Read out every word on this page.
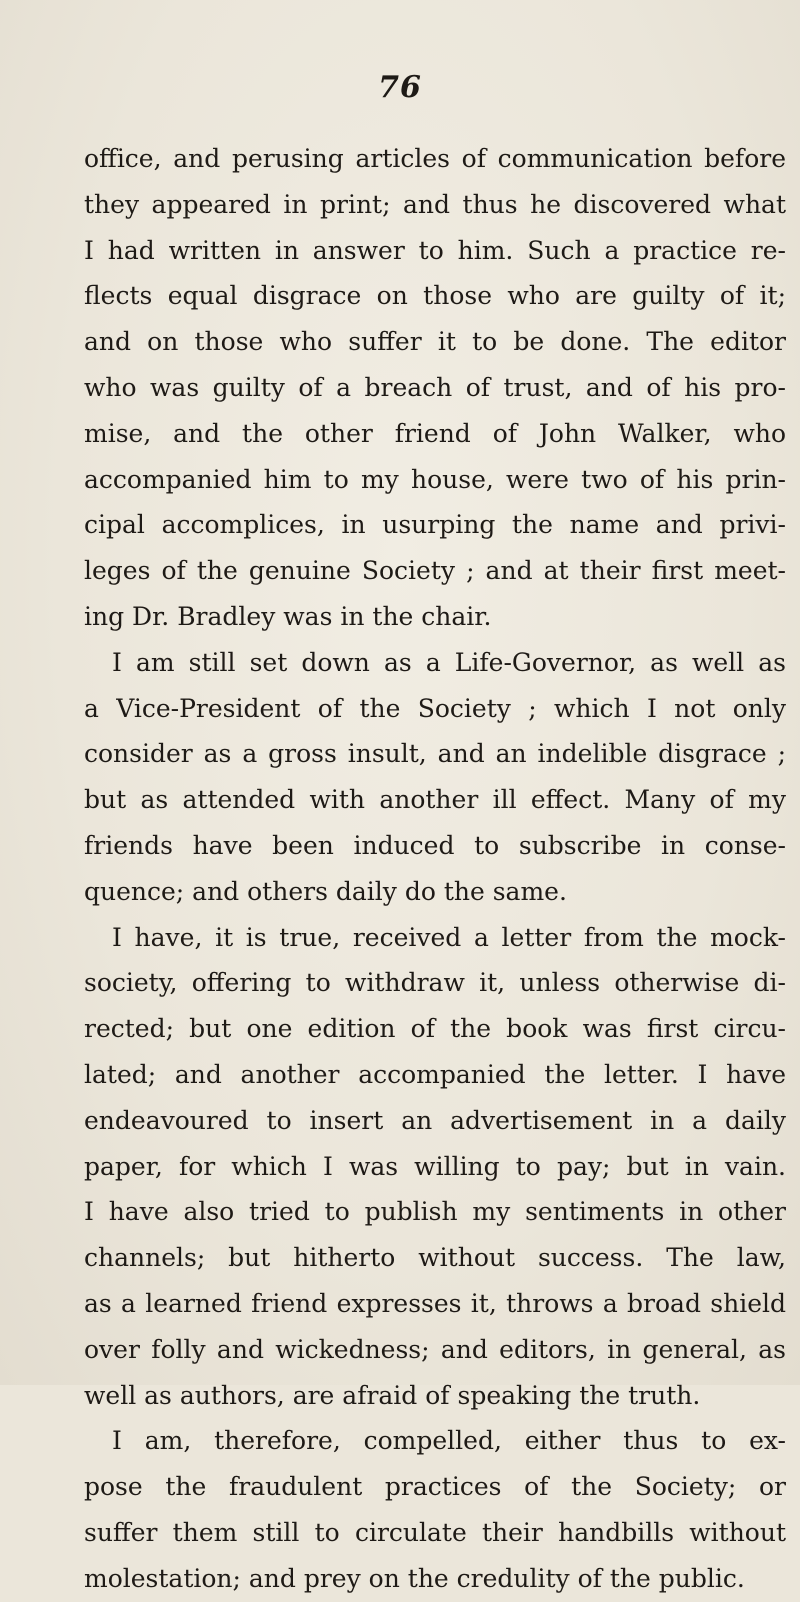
76
office, and perusing articles of communication before
they appeared in print; and thus he discovered what
I had written in answer to him. Such a practice re-
flects equal disgrace on those who are guilty of it;
and on those who suffer it to be done. The editor
who was guilty of a breach of trust, and of his pro-
mise, and the other friend of John Walker, who
accompanied him to my house, were two of his prin-
cipal accomplices, in usurping the name and privi-
leges of the genuine Society ; and at their first meet-
ing Dr. Bradley was in the chair.
I am still set down as a Life-Governor, as well as
a Vice-President of the Society ; which I not only
consider as a gross insult, and an indelible disgrace ;
but as attended with another ill effect. Many of my
friends have been induced to subscribe in conse-
quence; and others daily do the same.
I have, it is true, received a letter from the mock-
society, offering to withdraw it, unless otherwise di-
rected; but one edition of the book was first circu-
lated; and another accompanied the letter. I have
endeavoured to insert an advertisement in a daily
paper, for which I was willing to pay; but in vain.
I have also tried to publish my sentiments in other
channels; but hitherto without success. The law,
as a learned friend expresses it, throws a broad shield
over folly and wickedness; and editors, in general, as
well as authors, are afraid of speaking the truth.
I am, therefore, compelled, either thus to ex-
pose the fraudulent practices of the Society; or
suffer them still to circulate their handbills without
molestation; and prey on the credulity of the public.
